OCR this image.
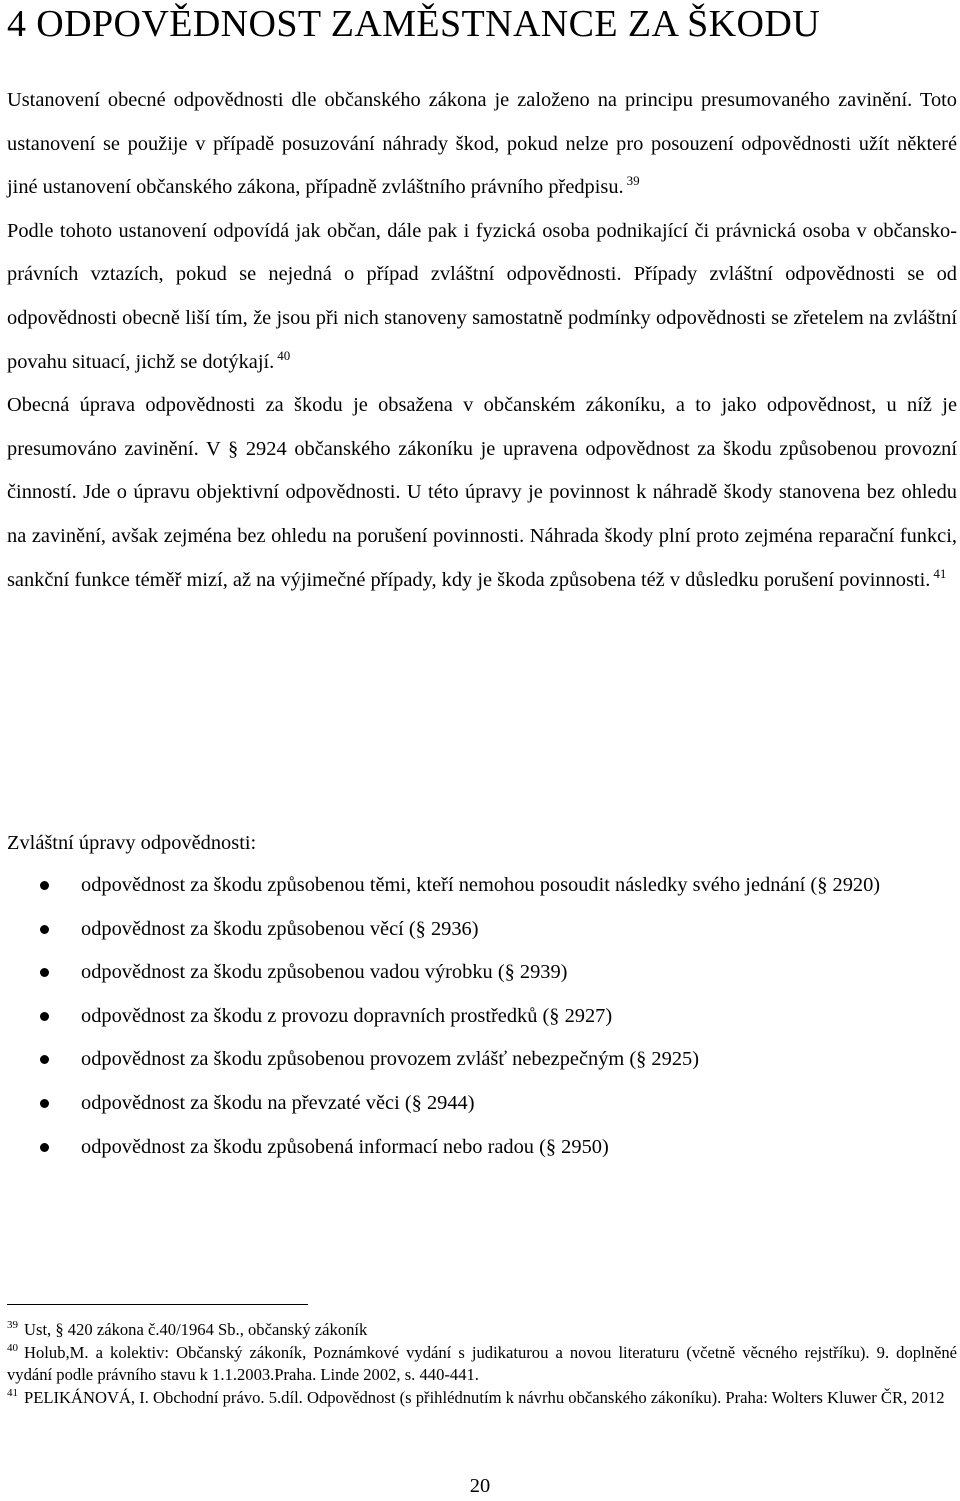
4 ODPOVĚDNOST ZAMĚSTNANCE ZA ŠKODU

Ustanovení obecné odpovědnosti dle občanského zákona je založeno na principu presumovaného zavinění. Toto ustanovení se použije v případě posuzování náhrady škod, pokud nelze pro posouzení odpovědnosti užít některé jiné ustanovení občanského zákona, případně zvláštního právního předpisu. $^{39}$

Podle tohoto ustanovení odpovídá jak občan, dále pak i fyzická osoba podnikající či právnická osoba v občansko-právních vztazích, pokud se nejedná o případ zvláštní odpovědnosti. Případy zvláštní odpovědnosti se od odpovědnosti obecně liší tím, že jsou při nich stanoveny samostatně podmínky odpovědnosti se zřetelem na zvláštní povahu situací, jichž se dotýkají. $^{40}$

Obecná úprava odpovědnosti za škodu je obsažena v občanském zákoníku, a to jako odpovědnost, u níž je presumováno zavinění. V § 2924 občanského zákoníku je upravena odpovědnost za škodu způsobenou provozní činností. Jde o úpravu objektivní odpovědnosti. U této úpravy je povinnost k náhradě škody stanovena bez ohledu na zavinění, avšak zejména bez ohledu na porušení povinnosti. Náhrada škody plní proto zejména reparační funkci, sankční funkce téměř mizí, až na výjimečné případy, kdy je škoda způsobena též v důsledku porušení povinnosti. $^{41}$

Zvláštní úpravy odpovědnosti:
odpovědnost za škodu způsobenou těmi, kteří nemohou posoudit následky svého jednání (§ 2920)
odpovědnost za škodu způsobenou věcí (§ 2936)
odpovědnost za škodu způsobenou vadou výrobku (§ 2939)
odpovědnost za škodu z provozu dopravních prostředků (§ 2927)
odpovědnost za škodu způsobenou provozem zvlášť nebezpečným (§ 2925)
odpovědnost za škodu na převzaté věci (§ 2944)
odpovědnost za škodu způsobená informací nebo radou (§ 2950)

$^{39}$ Ust, § 420 zákona č.40/1964 Sb., občanský zákoník

$^{40}$ Holub,M. a kolektiv: Občanský zákoník, Poznámkové vydání s judikaturou a novou literaturu (včetně věcného rejstříku). 9. doplněné vydání podle právního stavu k 1.1.2003.Praha. Linde 2002, s. 440-441.

$^{41}$ PELIKÁNOVÁ, I. Obchodní právo. 5.díl. Odpovědnost (s přihlédnutím k návrhu občanského zákoníku). Praha: Wolters Kluwer ČR, 2012

20
